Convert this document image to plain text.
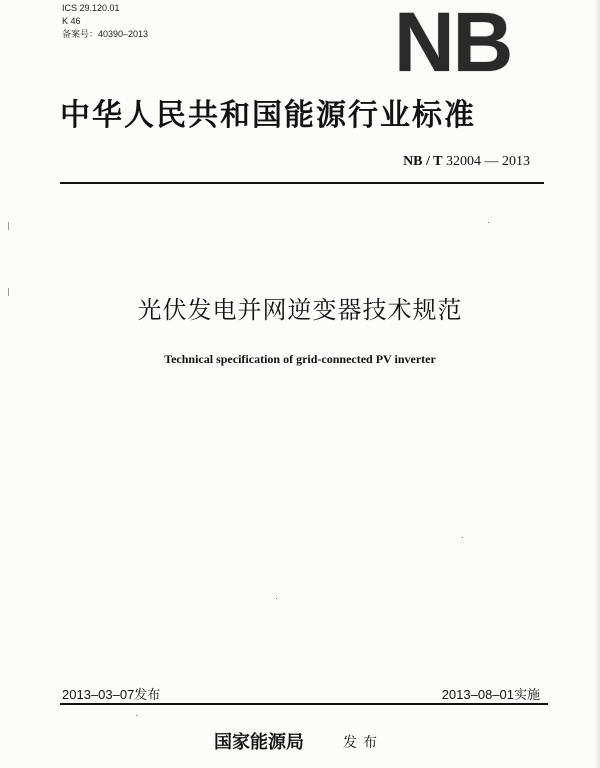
ICS 29.120.01
K 46
备案号：40390–2013	NB
中华人民共和国能源行业标准
NB / T 32004 — 2013
光伏发电并网逆变器技术规范
Technical specification of grid-connected PV inverter
2013–03–07发布	2013–08–01实施
国家能源局	发布
